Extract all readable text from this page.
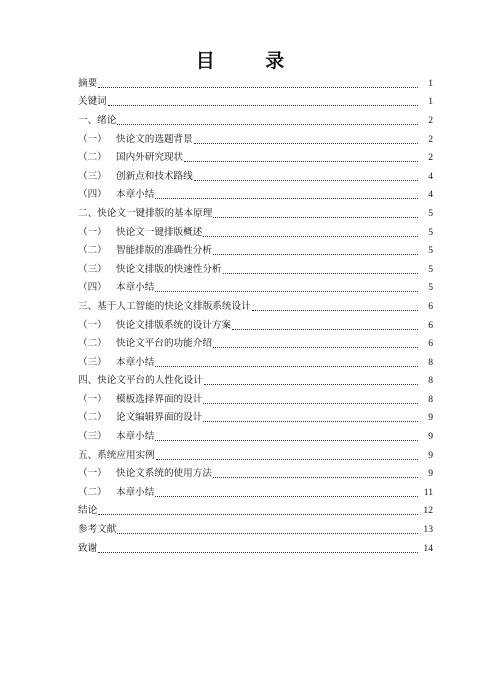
目 录
摘要	1
关键词	1
一、绪论	2
（一） 快论文的选题背景	2
（二） 国内外研究现状	2
（三） 创新点和技术路线	4
（四） 本章小结	4
二、快论文一键排版的基本原理	5
（一） 快论文一键排版概述	5
（二） 智能排版的准确性分析	5
（三） 快论文排版的快速性分析	5
（四） 本章小结	5
三、基于人工智能的快论文排版系统设计	6
（一） 快论文排版系统的设计方案	6
（二） 快论文平台的功能介绍	6
（三） 本章小结	8
四、快论文平台的人性化设计	8
（一） 模板选择界面的设计	8
（二） 论文编辑界面的设计	9
（三） 本章小结	9
五、系统应用实例	9
（一） 快论文系统的使用方法	9
（二） 本章小结	11
结论	12
参考文献	13
致谢	14
